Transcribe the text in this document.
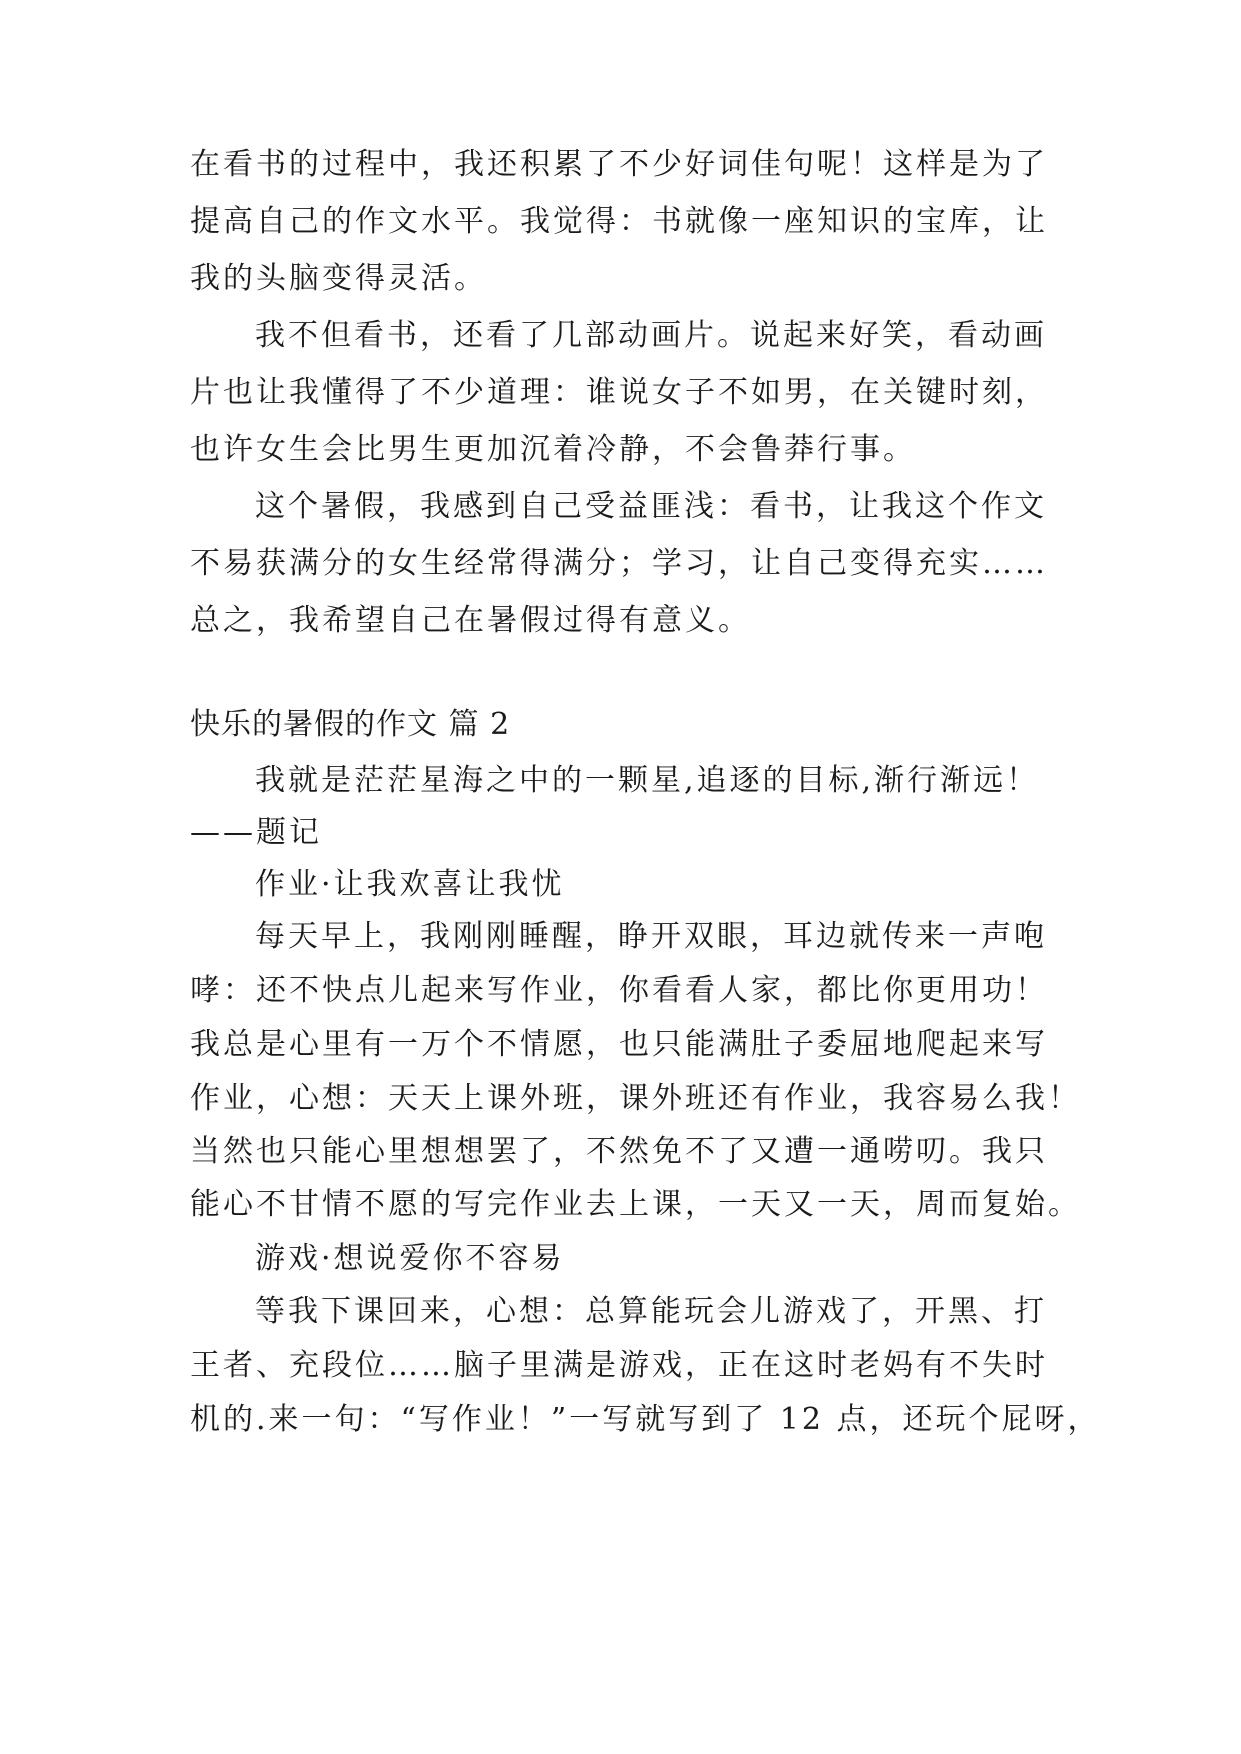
在看书的过程中，我还积累了不少好词佳句呢！这样是为了
提高自己的作文水平。我觉得：书就像一座知识的宝库，让
我的头脑变得灵活。
我不但看书，还看了几部动画片。说起来好笑，看动画
片也让我懂得了不少道理：谁说女子不如男，在关键时刻，
也许女生会比男生更加沉着冷静，不会鲁莽行事。
这个暑假，我感到自己受益匪浅：看书，让我这个作文
不易获满分的女生经常得满分；学习，让自己变得充实……
总之，我希望自己在暑假过得有意义。
快乐的暑假的作文 篇 2
我就是茫茫星海之中的一颗星,追逐的目标,渐行渐远！
——题记
作业·让我欢喜让我忧
每天早上，我刚刚睡醒，睁开双眼，耳边就传来一声咆
哮：还不快点儿起来写作业，你看看人家，都比你更用功！
我总是心里有一万个不情愿，也只能满肚子委屈地爬起来写
作业，心想：天天上课外班，课外班还有作业，我容易么我！
当然也只能心里想想罢了，不然免不了又遭一通唠叨。我只
能心不甘情不愿的写完作业去上课，一天又一天，周而复始。
游戏·想说爱你不容易
等我下课回来，心想：总算能玩会儿游戏了，开黑、打
王者、充段位……脑子里满是游戏，正在这时老妈有不失时
机的.来一句：“写作业！”一写就写到了 12 点，还玩个屁呀，
